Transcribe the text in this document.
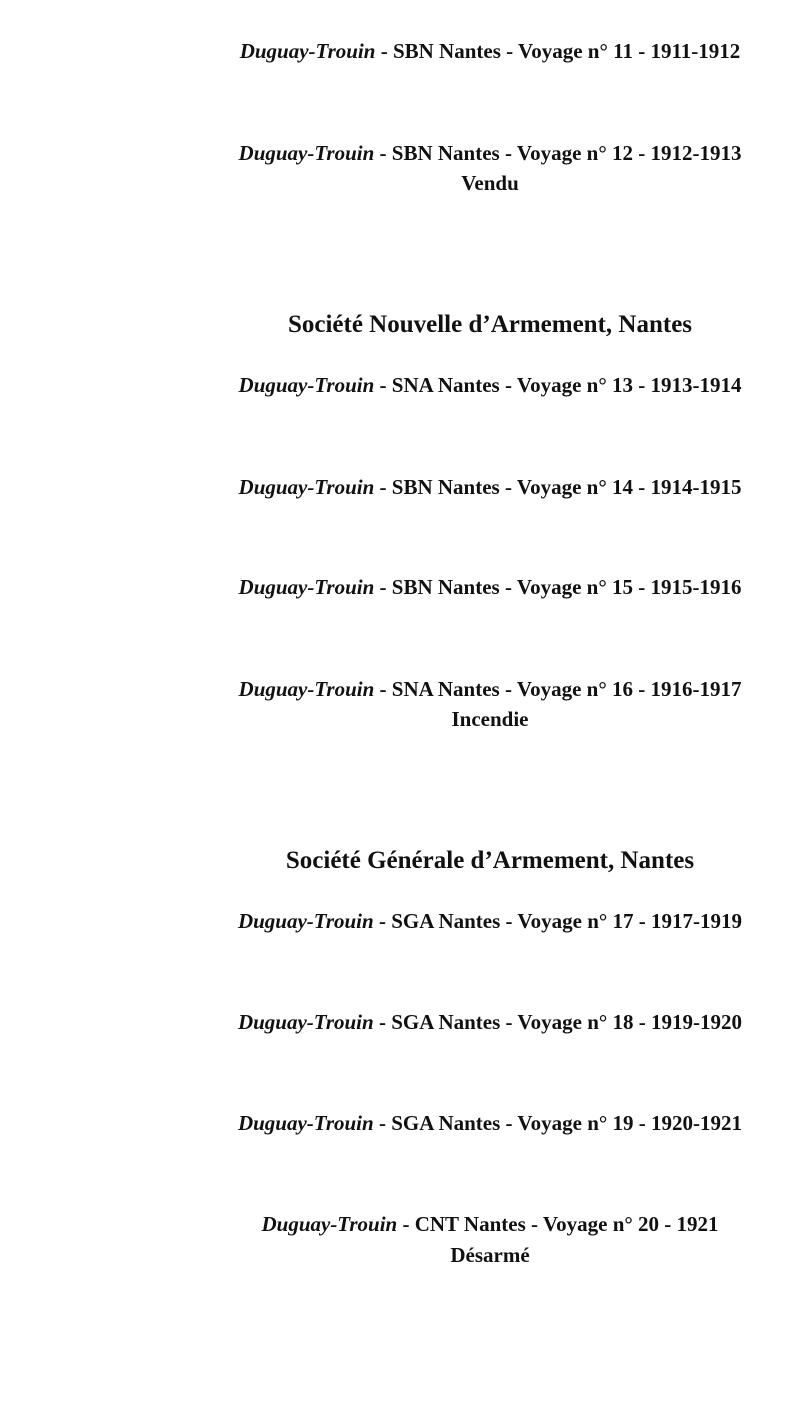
Duguay-Trouin - SBN Nantes - Voyage n° 11 - 1911-1912
Duguay-Trouin - SBN Nantes - Voyage n° 12 - 1912-1913
Vendu
Société Nouvelle d’Armement, Nantes
Duguay-Trouin - SNA Nantes - Voyage n° 13 - 1913-1914
Duguay-Trouin - SBN Nantes - Voyage n° 14 - 1914-1915
Duguay-Trouin - SBN Nantes - Voyage n° 15 - 1915-1916
Duguay-Trouin - SNA Nantes - Voyage n° 16 - 1916-1917
Incendie
Société Générale d’Armement, Nantes
Duguay-Trouin - SGA Nantes - Voyage n° 17 - 1917-1919
Duguay-Trouin - SGA Nantes - Voyage n° 18 - 1919-1920
Duguay-Trouin - SGA Nantes - Voyage n° 19 - 1920-1921
Duguay-Trouin - CNT Nantes - Voyage n° 20 - 1921
Désarmé
